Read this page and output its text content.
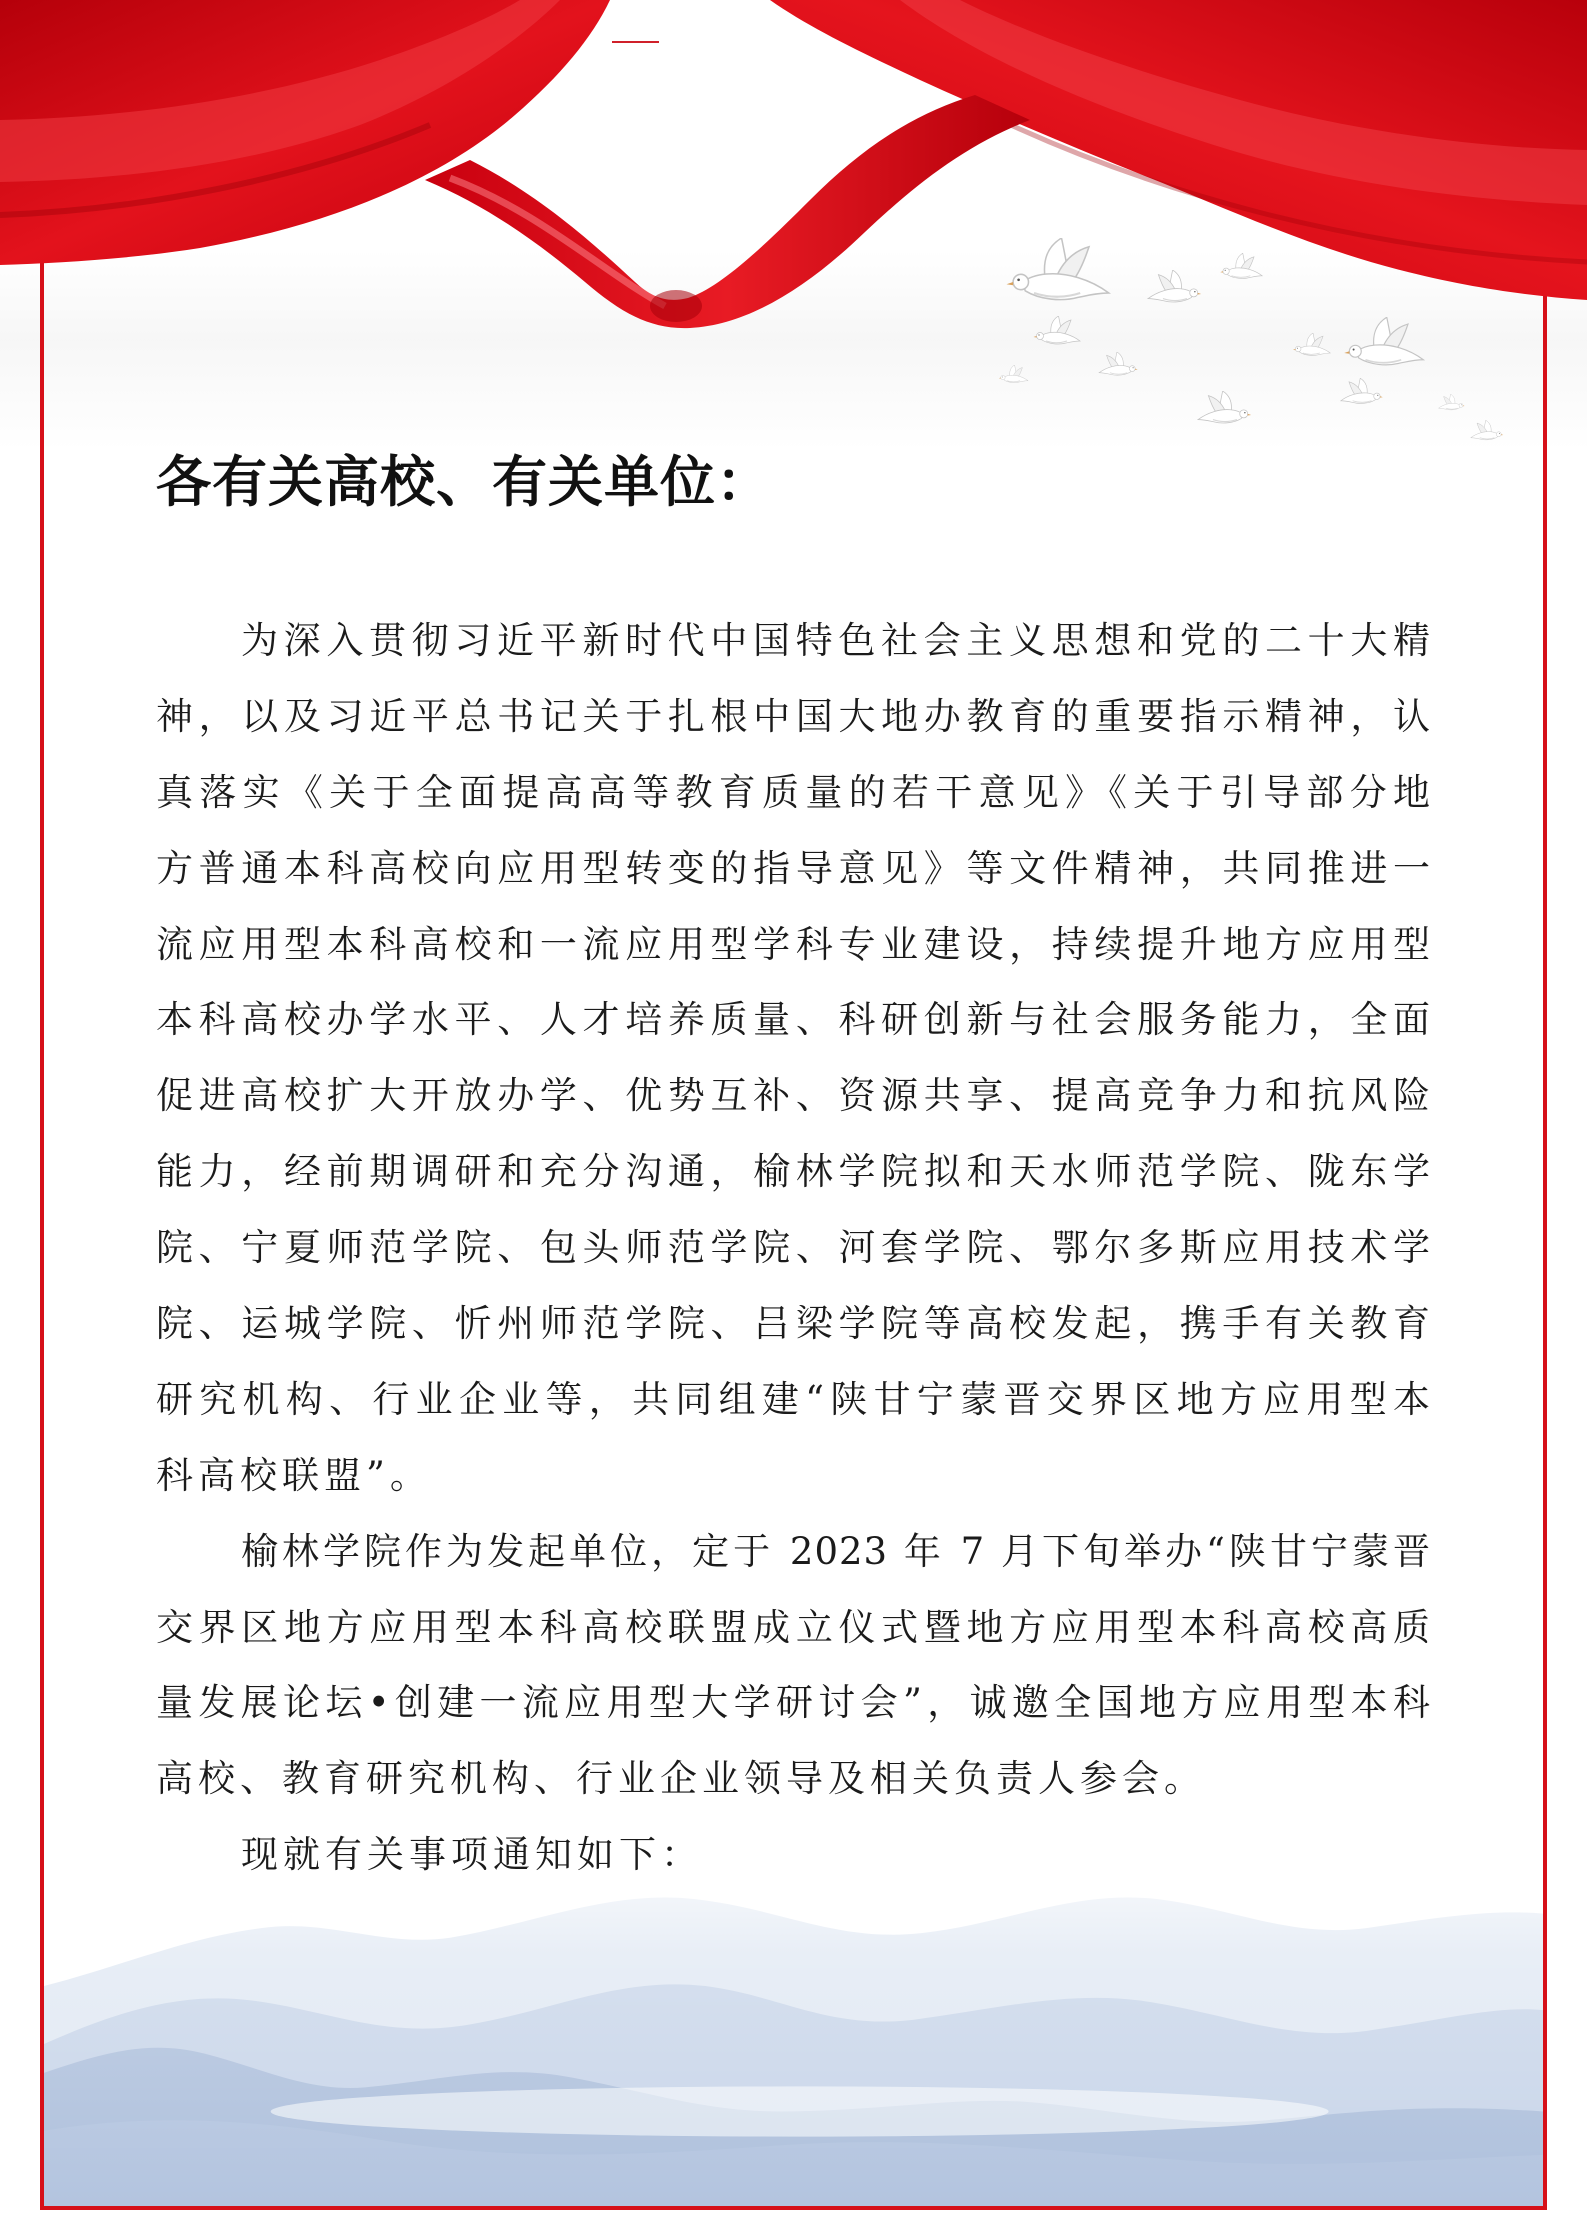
各有关高校、有关单位：
为深入贯彻习近平新时代中国特色社会主义思想和党的二十大精
神，以及习近平总书记关于扎根中国大地办教育的重要指示精神，认
真落实《关于全面提高高等教育质量的若干意见》《关于引导部分地
方普通本科高校向应用型转变的指导意见》等文件精神，共同推进一
流应用型本科高校和一流应用型学科专业建设，持续提升地方应用型
本科高校办学水平、人才培养质量、科研创新与社会服务能力，全面
促进高校扩大开放办学、优势互补、资源共享、提高竞争力和抗风险
能力，经前期调研和充分沟通，榆林学院拟和天水师范学院、陇东学
院、宁夏师范学院、包头师范学院、河套学院、鄂尔多斯应用技术学
院、运城学院、忻州师范学院、吕梁学院等高校发起，携手有关教育
研究机构、行业企业等，共同组建“陕甘宁蒙晋交界区地方应用型本
科高校联盟”。
榆林学院作为发起单位，定于 2023 年 7 月下旬举办“陕甘宁蒙晋
交界区地方应用型本科高校联盟成立仪式暨地方应用型本科高校高质
量发展论坛•创建一流应用型大学研讨会”，诚邀全国地方应用型本科
高校、教育研究机构、行业企业领导及相关负责人参会。
现就有关事项通知如下：
